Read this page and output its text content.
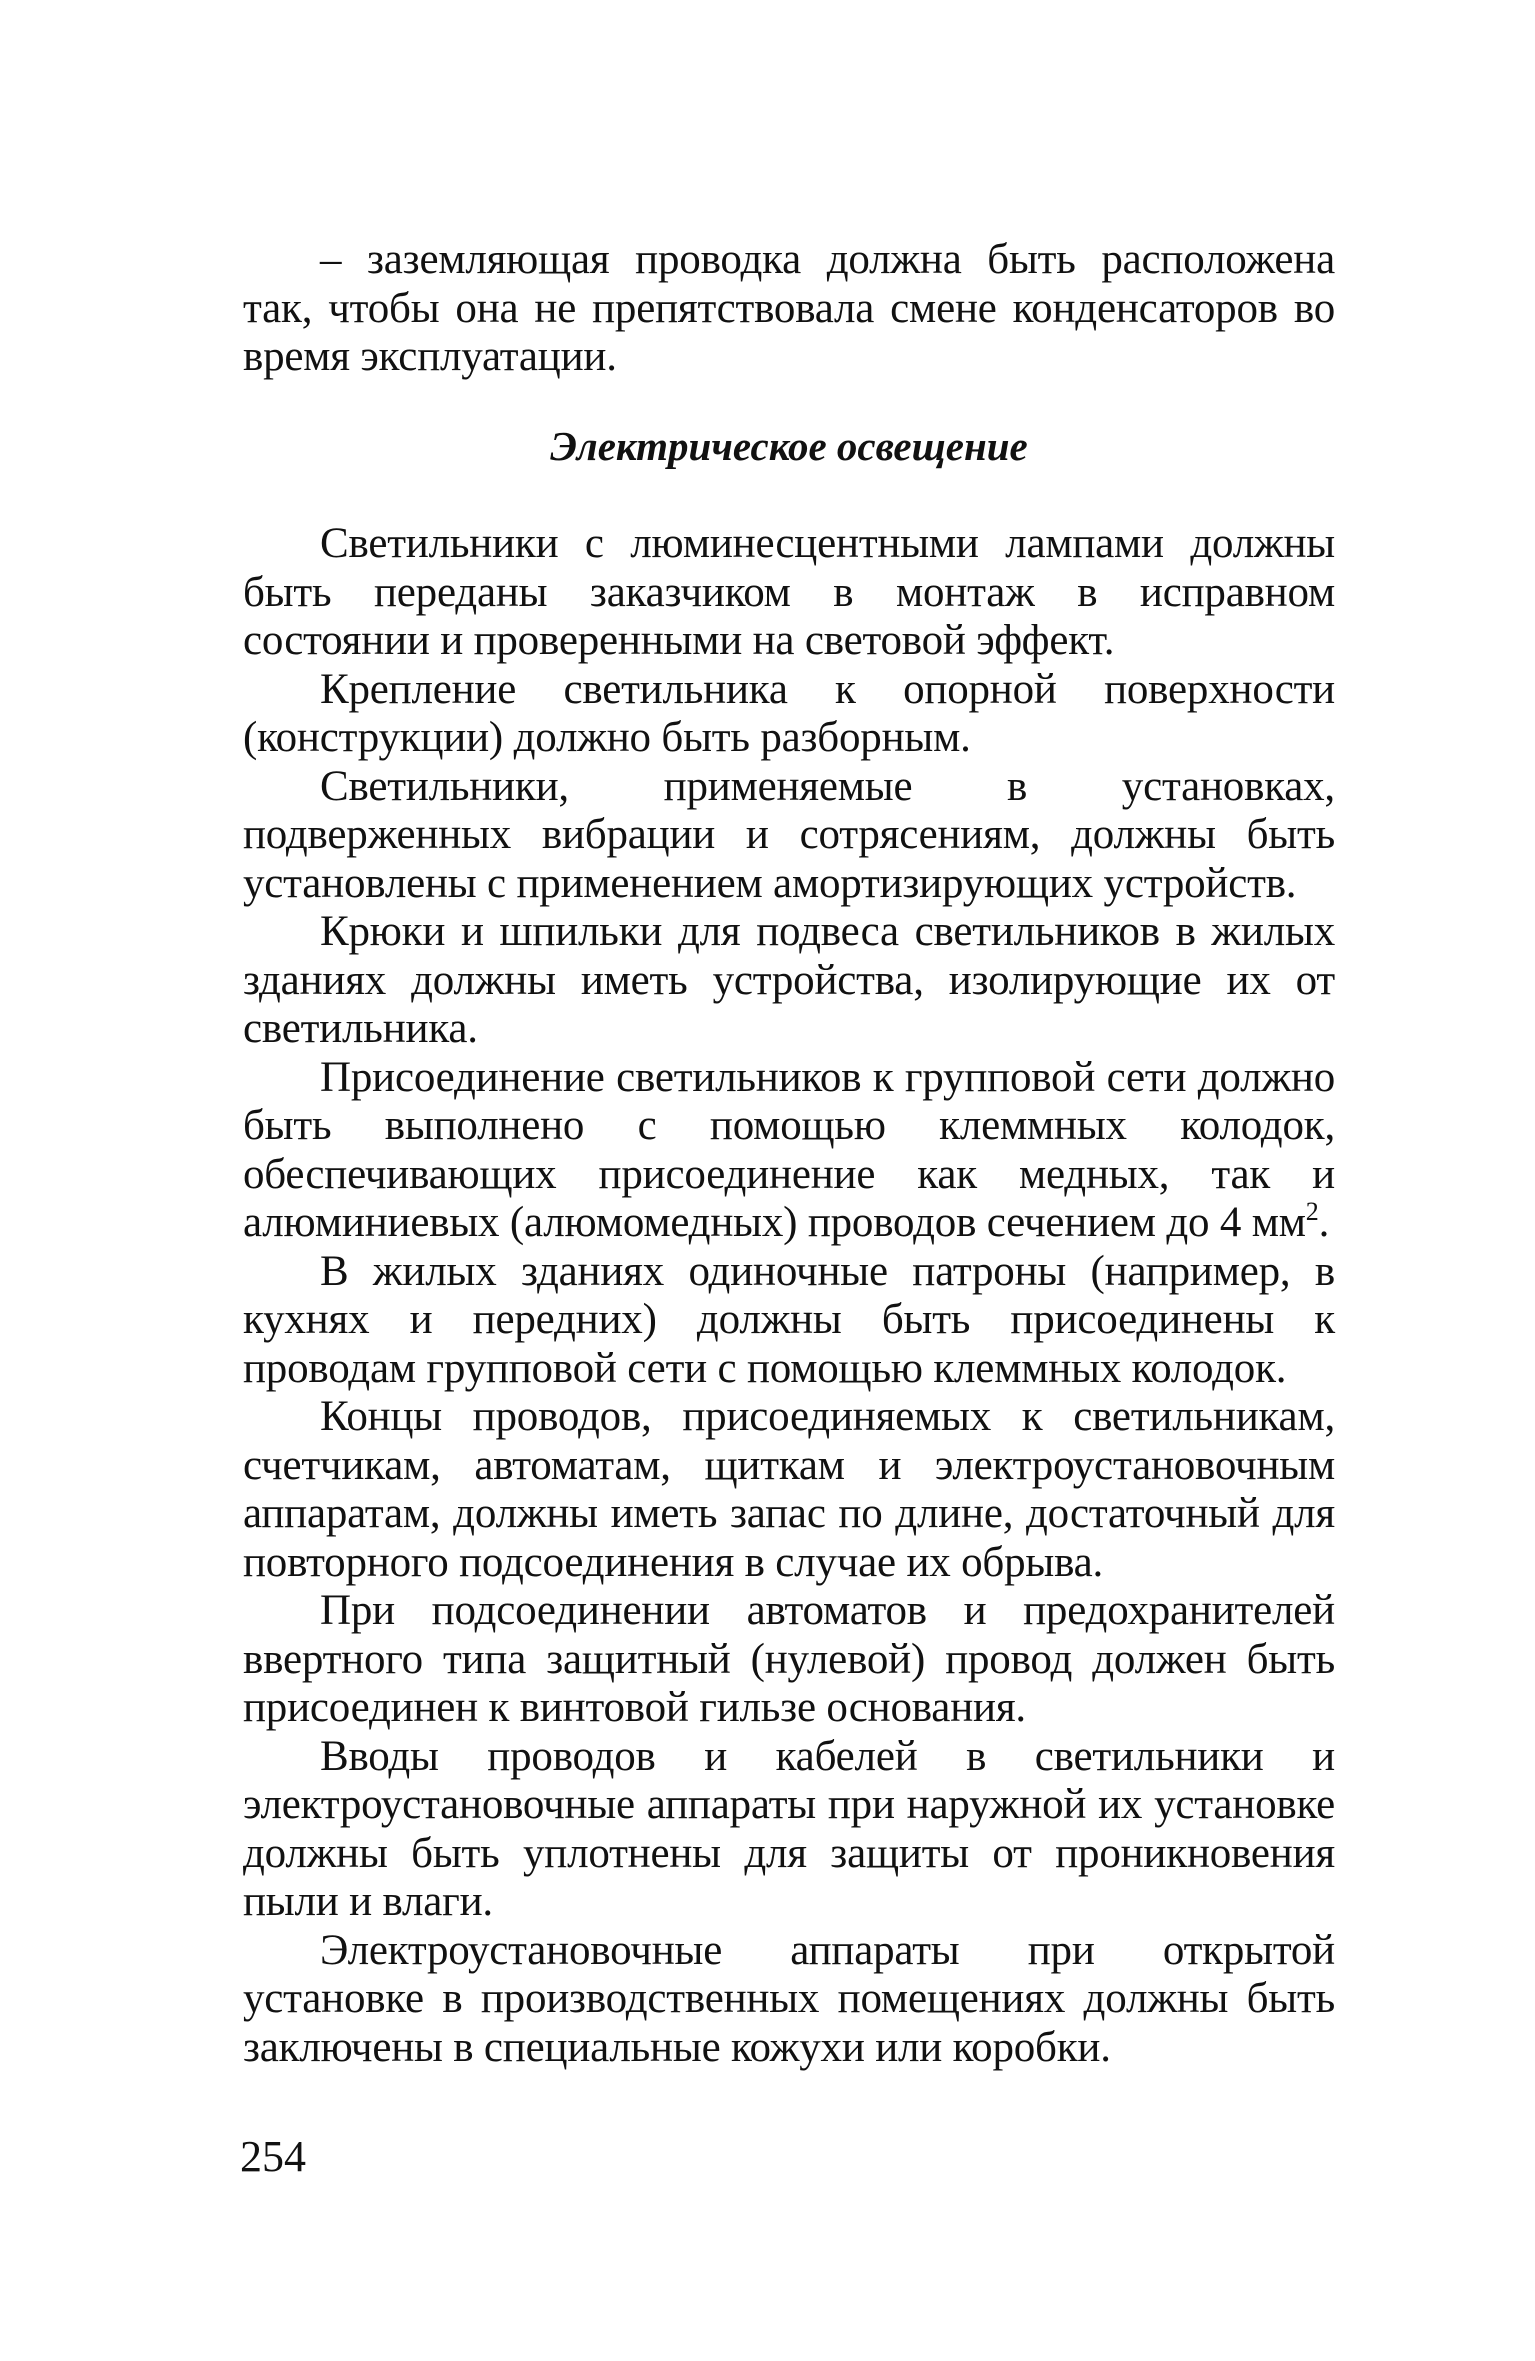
– заземляющая проводка должна быть расположена так, чтобы она не препятствовала смене конденсаторов во время эксплуатации.

Электрическое освещение

Светильники с люминесцентными лампами должны быть переданы заказчиком в монтаж в исправном состоянии и проверенными на световой эффект.

Крепление светильника к опорной поверхности (конструкции) должно быть разборным.

Светильники, применяемые в установках, подверженных вибрации и сотрясениям, должны быть установлены с применением амортизирующих устройств.

Крюки и шпильки для подвеса светильников в жилых зданиях должны иметь устройства, изолирующие их от светильника.

Присоединение светильников к групповой сети должно быть выполнено с помощью клеммных колодок, обеспечивающих присоединение как медных, так и алюминиевых (алюмомедных) проводов сечением до 4 $мм^2$.

В жилых зданиях одиночные патроны (например, в кухнях и передних) должны быть присоединены к проводам групповой сети с помощью клеммных колодок.

Концы проводов, присоединяемых к светильникам, счетчикам, автоматам, щиткам и электроустановочным аппаратам, должны иметь запас по длине, достаточный для повторного подсоединения в случае их обрыва.

При подсоединении автоматов и предохранителей ввертного типа защитный (нулевой) провод должен быть присоединен к винтовой гильзе основания.

Вводы проводов и кабелей в светильники и электроустановочные аппараты при наружной их установке должны быть уплотнены для защиты от проникновения пыли и влаги.

Электроустановочные аппараты при открытой установке в производственных помещениях должны быть заключены в специальные кожухи или коробки.

254
